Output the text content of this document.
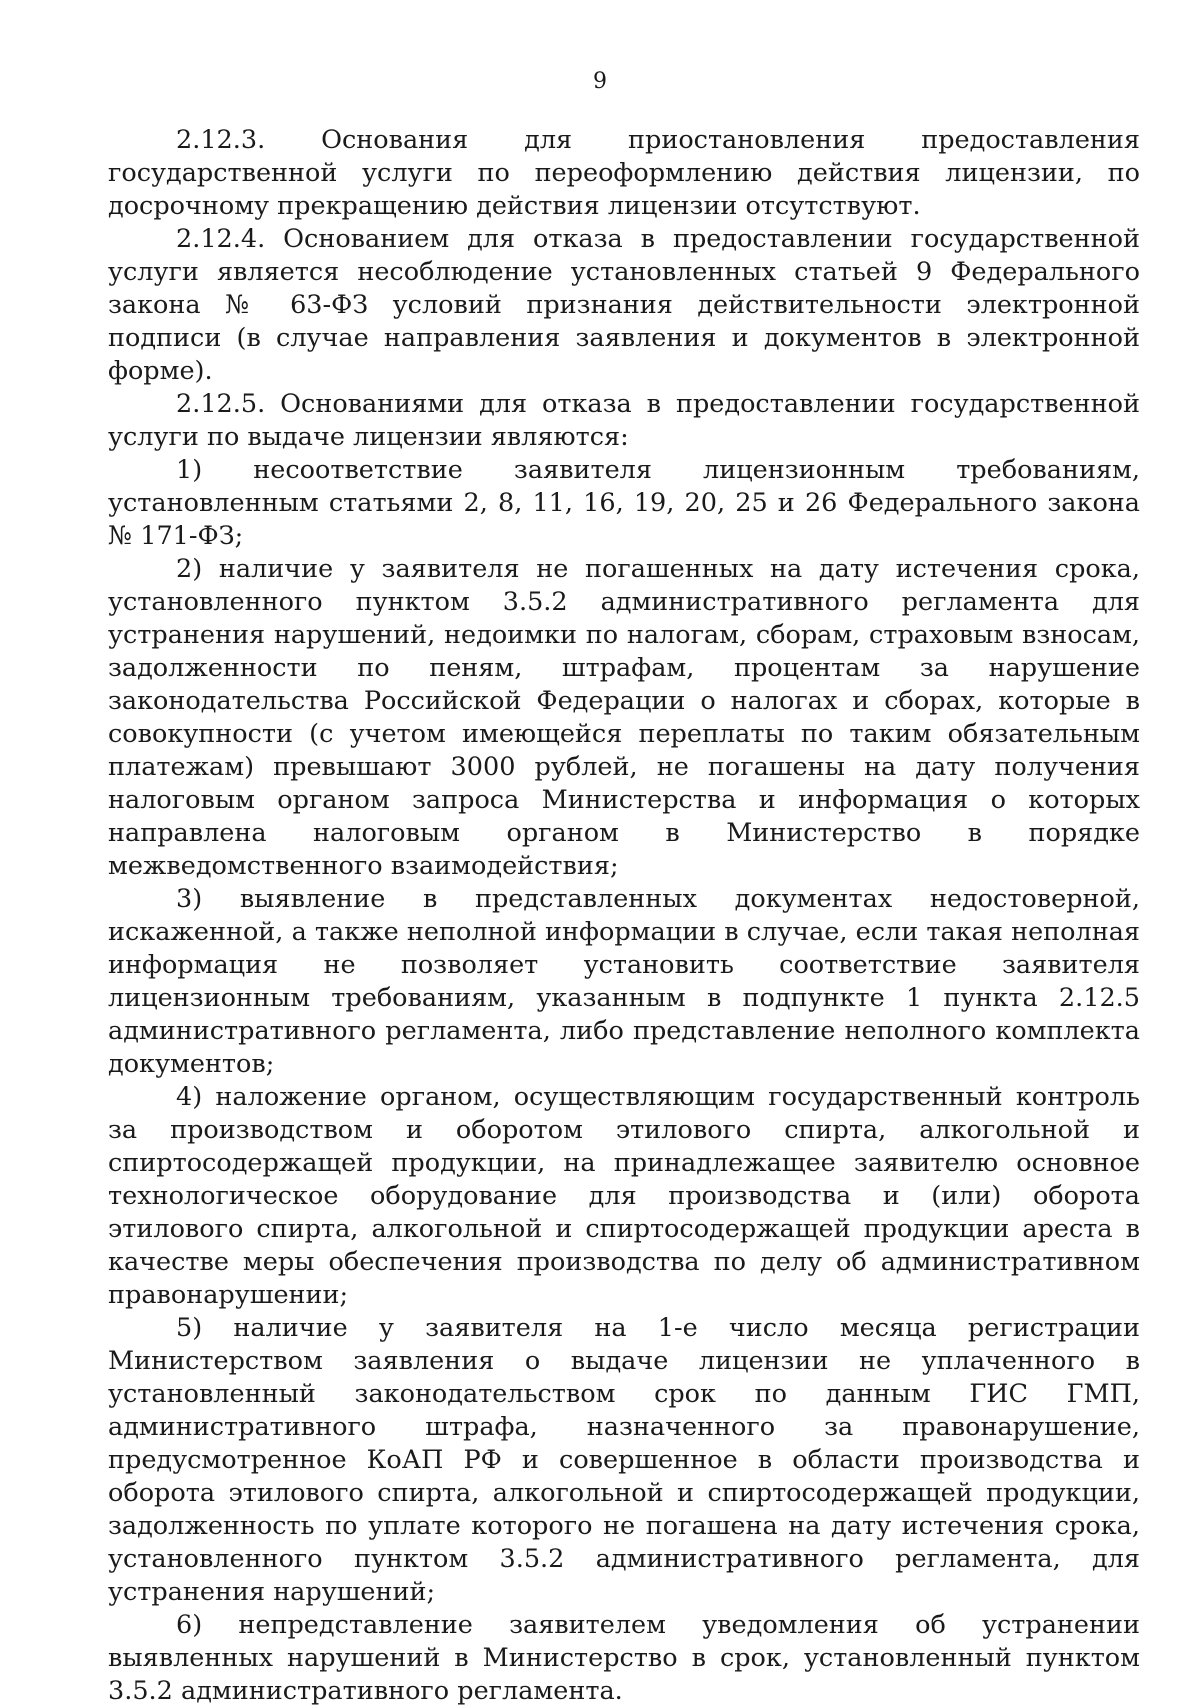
9

2.12.3. Основания для приостановления предоставления государственной услуги по переоформлению действия лицензии, по досрочному прекращению действия лицензии отсутствуют.

2.12.4. Основанием для отказа в предоставлении государственной услуги является несоблюдение установленных статьей 9 Федерального закона № 63-ФЗ условий признания действительности электронной подписи (в случае направления заявления и документов в электронной форме).

2.12.5. Основаниями для отказа в предоставлении государственной услуги по выдаче лицензии являются:

1) несоответствие заявителя лицензионным требованиям, установленным статьями 2, 8, 11, 16, 19, 20, 25 и 26 Федерального закона № 171-ФЗ;

2) наличие у заявителя не погашенных на дату истечения срока, установленного пунктом 3.5.2 административного регламента для устранения нарушений, недоимки по налогам, сборам, страховым взносам, задолженности по пеням, штрафам, процентам за нарушение законодательства Российской Федерации о налогах и сборах, которые в совокупности (с учетом имеющейся переплаты по таким обязательным платежам) превышают 3000 рублей, не погашены на дату получения налоговым органом запроса Министерства и информация о которых направлена налоговым органом в Министерство в порядке межведомственного взаимодействия;

3) выявление в представленных документах недостоверной, искаженной, а также неполной информации в случае, если такая неполная информация не позволяет установить соответствие заявителя лицензионным требованиям, указанным в подпункте 1 пункта 2.12.5 административного регламента, либо представление неполного комплекта документов;

4) наложение органом, осуществляющим государственный контроль за производством и оборотом этилового спирта, алкогольной и спиртосодержащей продукции, на принадлежащее заявителю основное технологическое оборудование для производства и (или) оборота этилового спирта, алкогольной и спиртосодержащей продукции ареста в качестве меры обеспечения производства по делу об административном правонарушении;

5) наличие у заявителя на 1-е число месяца регистрации Министерством заявления о выдаче лицензии не уплаченного в установленный законодательством срок по данным ГИС ГМП, административного штрафа, назначенного за правонарушение, предусмотренное КоАП РФ и совершенное в области производства и оборота этилового спирта, алкогольной и спиртосодержащей продукции, задолженность по уплате которого не погашена на дату истечения срока, установленного пунктом 3.5.2 административного регламента, для устранения нарушений;

6) непредставление заявителем уведомления об устранении выявленных нарушений в Министерство в срок, установленный пунктом 3.5.2 административного регламента.
